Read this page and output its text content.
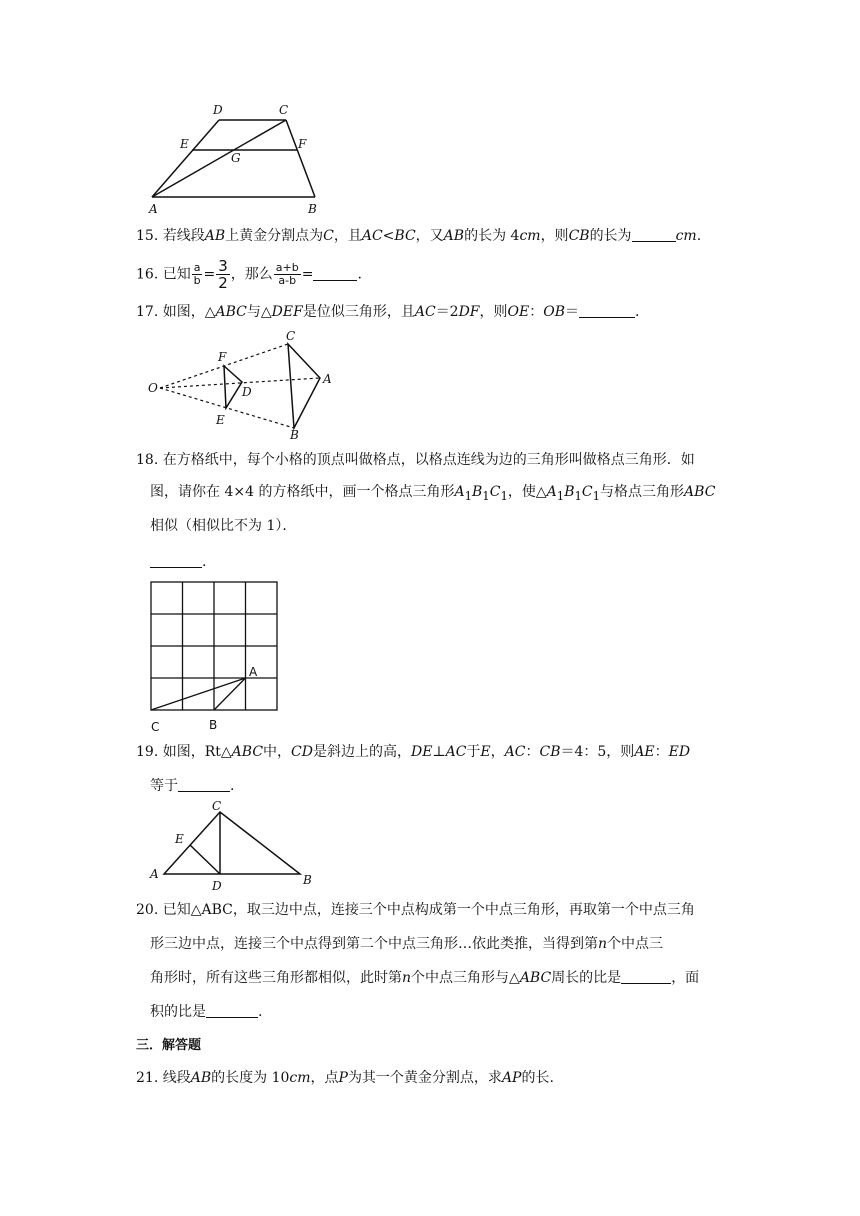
D	C
E	F
G
A	B
15. 若线段AB上黄金分割点为C，且AC<BC，又AB的长为 4cm，则CB的长为	cm.
16. 已知 $\frac{a}{b} = \frac{3}{2}$ ，那么 $\frac{a+b}{a-b}$ =	.
17. 如图，△ABC与△DEF是位似三角形，且AC＝2DF，则OE：OB＝	.
O
F
D
E
C
A
B
18. 在方格纸中，每个小格的顶点叫做格点，以格点连线为边的三角形叫做格点三角形．如
图，请你在 4×4 的方格纸中，画一个格点三角形$A_1B_1C_1$，使$\triangle A_1B_1C_1$与格点三角形ABC
相似（相似比不为 1）．
.
A
B
C
19. 如图，Rt△ABC中，CD是斜边上的高，DE⊥AC于E，AC：CB＝4：5，则AE：ED
等于	.
C
E
A
D	B
20. 已知△ABC，取三边中点，连接三个中点构成第一个中点三角形，再取第一个中点三角
形三边中点，连接三个中点得到第二个中点三角形…依此类推，当得到第n个中点三
角形时，所有这些三角形都相似，此时第n个中点三角形与△ABC周长的比是	，面
积的比是	.
三．解答题
21. 线段AB的长度为 10cm，点P为其一个黄金分割点，求AP的长.
